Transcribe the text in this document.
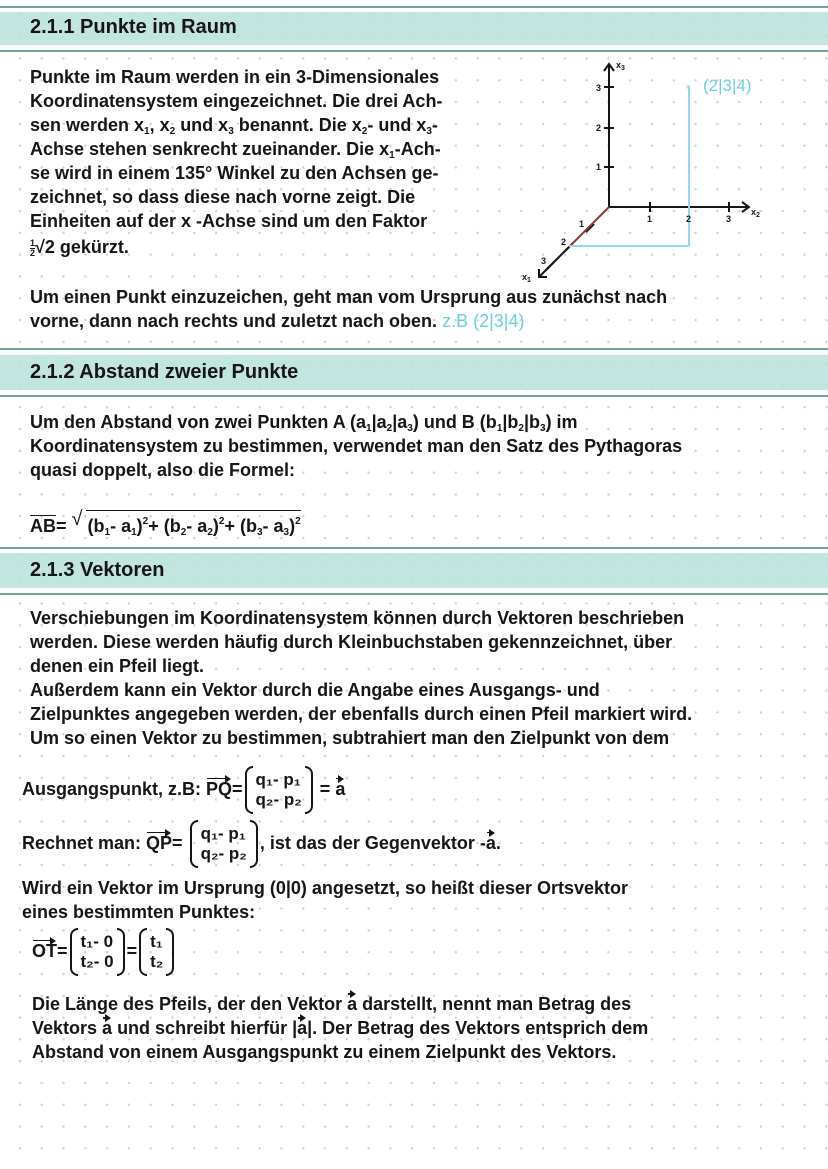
2.1.1 Punkte im Raum
2.1.2 Abstand zweier Punkte
2.1.3 Vektoren
×
$x_3$
$x_2$
$x_1$
1
2
3
1	2	3
1
2
3
(2|3|4)
Punkte im Raum werden in ein 3-Dimensionales
Koordinatensystem eingezeichnet. Die drei Ach-
sen werden $x_1$, $x_2$ und $x_3$ benannt. Die $x_2-$ und $x_3-$
Achse stehen senkrecht zueinander. Die $x_1-Ach-$
se wird in einem 135° Winkel zu den Achsen ge-
zeichnet, so dass diese nach vorne zeigt. Die
Einheiten auf der x -Achse sind um den Faktor
$\frac{1}{2} √2$ gekürzt.
Um einen Punkt einzuzeichen, geht man vom Ursprung aus zunächst nach
vorne, dann nach rechts und zuletzt nach oben. z.B (2|3|4)
Um den Abstand von zwei Punkten A $(a_1|a_2|a_3)$ und B $(b_1|b_2|b_3)$ im
Koordinatensystem zu bestimmen, verwendet man den Satz des Pythagoras
quasi doppelt, also die Formel:
$\overline{AB}=$ √ ($b_1-$ $a_1)^2+ (b_2-$ $a_2)^2+ (b_3-$ $a_3)^2$
Verschiebungen im Koordinatensystem können durch Vektoren beschrieben
werden. Diese werden häufig durch Kleinbuchstaben gekennzeichnet, über
denen ein Pfeil liegt.
Außerdem kann ein Vektor durch die Angabe eines Ausgangs- und
Zielpunktes angegeben werden, der ebenfalls durch einen Pfeil markiert wird.
Um so einen Vektor zu bestimmen, subtrahiert man den Zielpunkt von dem
Ausgangspunkt, z.B: PQ= q₁- p₁
q₂- p₂
= a
Rechnet man: QP= q₁- p₁
q₂- p₂
, ist das der Gegenvektor -a.
Wird ein Vektor im Ursprung (0|0) angesetzt, so heißt dieser Ortsvektor
eines bestimmten Punktes:
OT= t₁- 0
t₂- 0
= t₁
t₂
Die Länge des Pfeils, der den Vektor a darstellt, nennt man Betrag des
Vektors a und schreibt hierfür |a|. Der Betrag des Vektors entsprich dem
Abstand von einem Ausgangspunkt zu einem Zielpunkt des Vektors.
